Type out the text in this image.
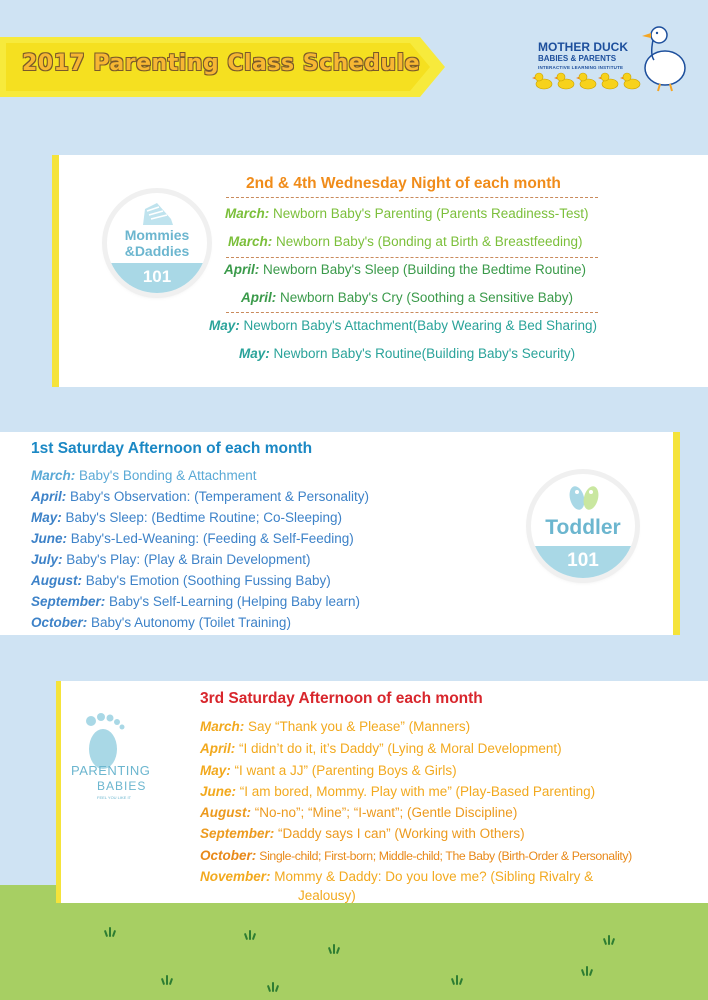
2017 Parenting Class Schedule
MOTHER DUCK
BABIES & PARENTS
INTERACTIVE LEARNING INSTITUTE
Mommies
&Daddies
101
2nd & 4th Wednesday Night of each month
March: Newborn Baby's Parenting (Parents Readiness-Test)
March: Newborn Baby's (Bonding at Birth & Breastfeeding)
April: Newborn Baby's Sleep (Building the Bedtime Routine)
April: Newborn Baby's Cry (Soothing a Sensitive Baby)
May: Newborn Baby's Attachment(Baby Wearing & Bed Sharing)
May: Newborn Baby's Routine(Building Baby's Security)
1st Saturday Afternoon of each month
March: Baby's Bonding & Attachment
April: Baby's Observation: (Temperament & Personality)
May: Baby's Sleep: (Bedtime Routine; Co-Sleeping)
June: Baby's-Led-Weaning: (Feeding & Self-Feeding)
July: Baby's Play: (Play & Brain Development)
August: Baby's Emotion (Soothing Fussing Baby)
September: Baby's Self-Learning (Helping Baby learn)
October: Baby's Autonomy (Toilet Training)
Toddler
101
PARENTING
BABIES
FEEL YOU LIKE IT
3rd Saturday Afternoon of each month
March: Say “Thank you & Please” (Manners)
April: “I didn’t do it, it’s Daddy” (Lying & Moral Development)
May: “I want a JJ” (Parenting Boys & Girls)
June: “I am bored, Mommy. Play with me” (Play-Based Parenting)
August: “No-no”; “Mine”; “I-want”; (Gentle Discipline)
September: “Daddy says I can” (Working with Others)
October: Single-child; First-born; Middle-child; The Baby (Birth-Order & Personality)
November: Mommy & Daddy: Do you love me? (Sibling Rivalry &
Jealousy)
